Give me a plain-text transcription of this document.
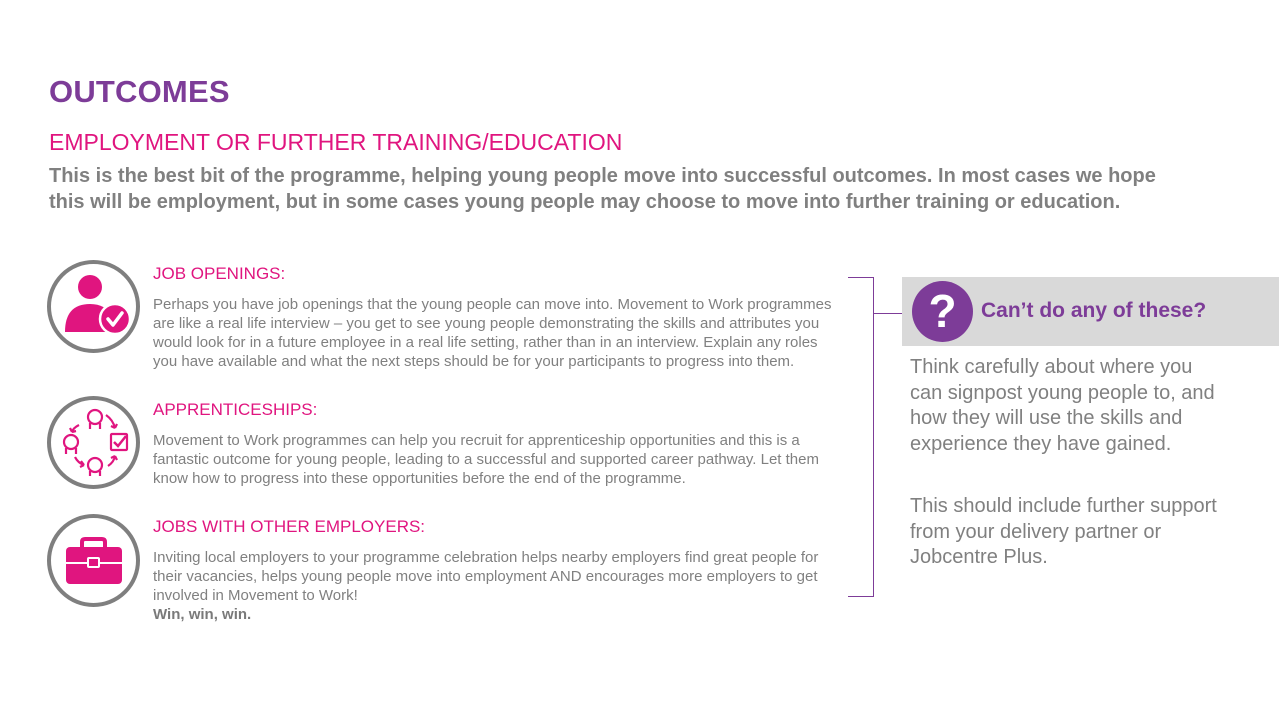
OUTCOMES
EMPLOYMENT OR FURTHER TRAINING/EDUCATION
This is the best bit of the programme, helping young people move into successful outcomes. In most cases we hope this will be employment, but in some cases young people may choose to move into further training or education.
JOB OPENINGS:
Perhaps you have job openings that the young people can move into. Movement to Work programmes are like a real life interview – you get to see young people demonstrating the skills and attributes you would look for in a future employee in a real life setting, rather than in an interview. Explain any roles you have available and what the next steps should be for your participants to progress into them.
APPRENTICESHIPS:
Movement to Work programmes can help you recruit for apprenticeship opportunities and this is a fantastic outcome for young people, leading to a successful and supported career pathway. Let them know how to progress into these opportunities before the end of the programme.
JOBS WITH OTHER EMPLOYERS:
Inviting local employers to your programme celebration helps nearby employers find great people for their vacancies, helps young people move into employment AND encourages more employers to get involved in Movement to Work!
Win, win, win.
?	Can’t do any of these?
Think carefully about where you can signpost young people to, and how they will use the skills and experience they have gained.
This should include further support from your delivery partner or Jobcentre Plus.
